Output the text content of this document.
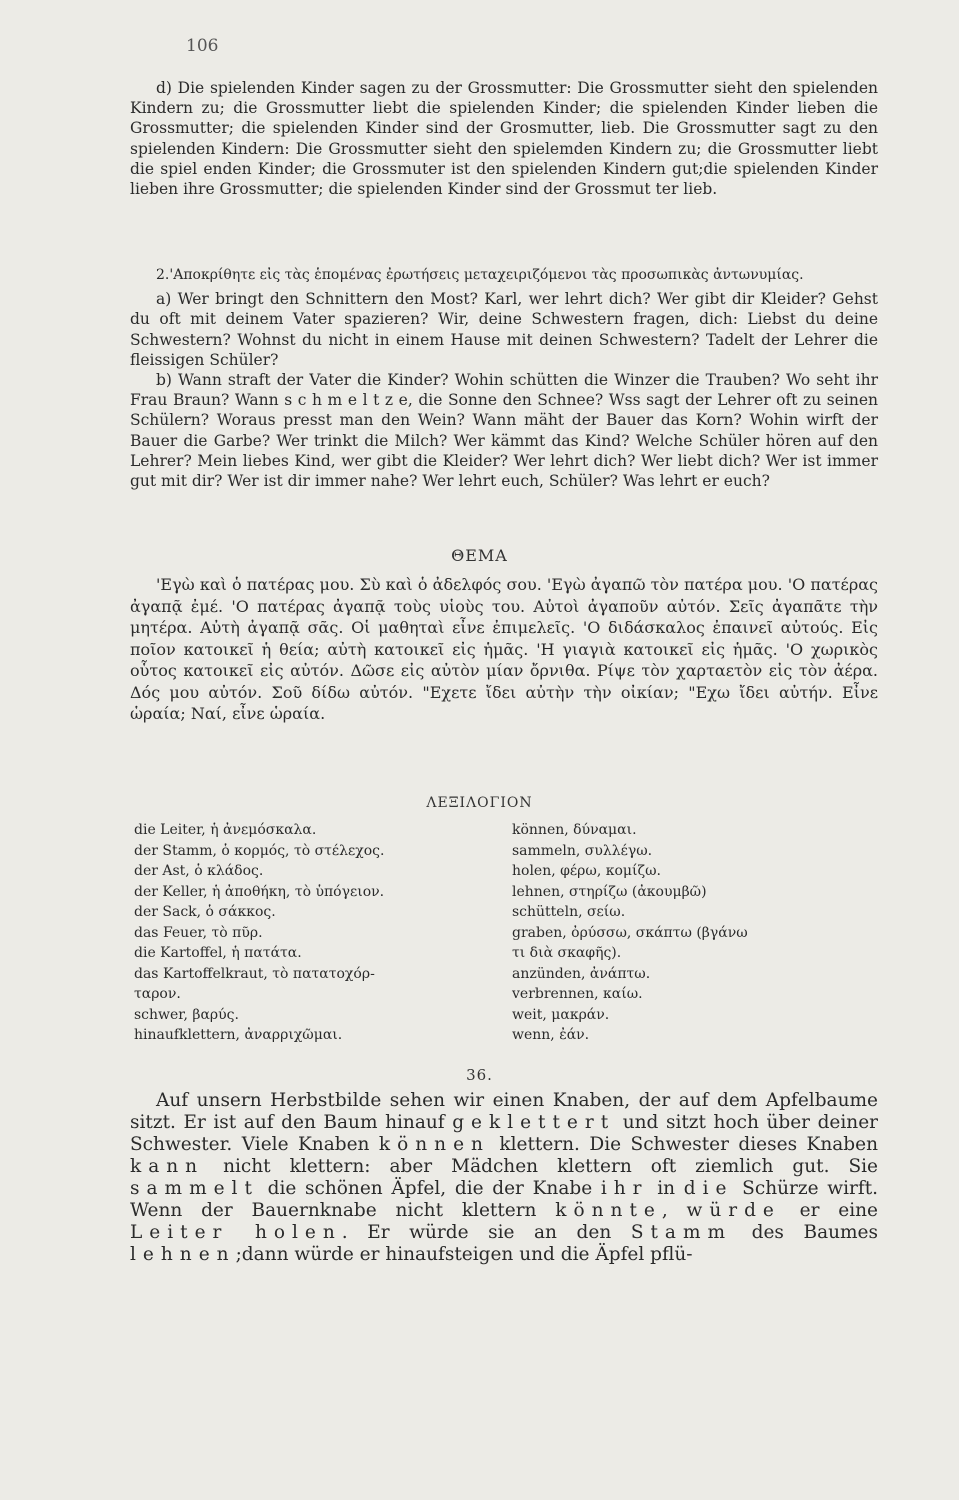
106

d) Die spielenden Kinder sagen zu der Grossmutter: Die Grossmutter sieht den spielenden Kindern zu; die Grossmutter liebt die spielenden Kinder; die spielenden Kinder lieben die Grossmutter; die spielenden Kinder sind der Grosmutter, lieb. Die Grossmutter sagt zu den spielenden Kindern: Die Grossmutter sieht den spielemden Kindern zu; die Grossmutter liebt die spiel enden Kinder; die Grossmuter ist den spielenden Kindern gut;die spielenden Kinder lieben ihre Grossmutter; die spielenden Kinder sind der Grossmut ter lieb.

2.'Αποκρίθητε εἰς τὰς ἑπομένας ἐρωτήσεις μεταχειριζόμενοι τὰς προσωπικὰς ἀντωνυμίας.

a) Wer bringt den Schnittern den Most? Karl, wer lehrt dich? Wer gibt dir Kleider? Gehst du oft mit deinem Vater spazieren? Wir, deine Schwestern fragen, dich: Liebst du deine Schwestern? Wohnst du nicht in einem Hause mit deinen Schwestern? Tadelt der Lehrer die fleissigen Schüler?

b) Wann straft der Vater die Kinder? Wohin schütten die Winzer die Trauben? Wo seht ihr Frau Braun? Wann s c h m e l t z e, die Sonne den Schnee? Wss sagt der Lehrer oft zu seinen Schülern? Woraus presst man den Wein? Wann mäht der Bauer das Korn? Wohin wirft der Bauer die Garbe? Wer trinkt die Milch? Wer kämmt das Kind? Welche Schüler hören auf den Lehrer? Mein liebes Kind, wer gibt die Kleider? Wer lehrt dich? Wer liebt dich? Wer ist immer gut mit dir? Wer ist dir immer nahe? Wer lehrt euch, Schüler? Was lehrt er euch?

ΘΕΜΑ

'Εγὼ καὶ ὁ πατέρας μου. Σὺ καὶ ὁ ἀδελφός σου. 'Εγὼ ἀγαπῶ τὸν πατέρα μου. 'Ο πατέρας ἀγαπᾷ ἐμέ. 'Ο πατέρας ἀγαπᾷ τοὺς υἱοὺς του. Αὐτοὶ ἀγαποῦν αὐτόν. Σεῖς ἀγαπᾶτε τὴν μητέρα. Αὐτὴ ἀγαπᾷ σᾶς. Οἱ μαθηταὶ εἶνε ἐπιμελεῖς. 'Ο διδάσκαλος ἐπαινεῖ αὐτούς. Εἰς ποῖον κατοικεῖ ἡ θεία; αὐτὴ κατοικεῖ εἰς ἡμᾶς. 'Η γιαγιὰ κατοικεῖ εἰς ἡμᾶς. 'Ο χωρικὸς οὗτος κατοικεῖ εἰς αὐτόν. Δῶσε εἰς αὐτὸν μίαν ὄρνιθα. Ρίψε τὸν χαρταετὸν εἰς τὸν ἀέρα. Δός μου αὐτόν. Σοῦ δίδω αὐτόν. "Εχετε ἴδει αὐτὴν τὴν οἰκίαν; "Εχω ἴδει αὐτήν. Εἶνε ὡραία; Ναί, εἶνε ὡραία.

ΛΕΞΙΛΟΓΙΟΝ
die Leiter, ἡ ἀνεμόσκαλα.
der Stamm, ὁ κορμός, τὸ στέλεχος.
der Ast, ὁ κλάδος.
der Keller, ἡ ἀποθήκη, τὸ ὑπόγειον.
der Sack, ὁ σάκκος.
das Feuer, τὸ πῦρ.
die Kartoffel, ἡ πατάτα.
das Kartoffelkraut, τὸ πατατοχόρ-
ταρον.
schwer, βαρύς.
hinaufklettern, ἀναρριχῶμαι.
können, δύναμαι.
sammeln, συλλέγω.
holen, φέρω, κομίζω.
lehnen, στηρίζω (ἀκουμβῶ)
schütteln, σείω.
graben, ὀρύσσω, σκάπτω (βγάνω
τι διὰ σκαφῆς).
anzünden, ἀνάπτω.
verbrennen, καίω.
weit, μακράν.
wenn, ἐάν.
36.

Auf unsern Herbstbilde sehen wir einen Knaben, der auf dem Apfelbaume sitzt. Er ist auf den Baum hinauf geklettert und sitzt hoch über deiner Schwester. Viele Knaben können klettern. Die Schwester dieses Knaben kann nicht klettern: aber Mädchen klettern oft ziemlich gut. Sie sammelt die schönen Äpfel, die der Knabe ihr in die Schürze wirft. Wenn der Bauernknabe nicht klettern könnte, würde er eine Leiter holen. Er würde sie an den Stamm des Baumes lehnen;dann würde er hinaufsteigen und die Äpfel pflü-
